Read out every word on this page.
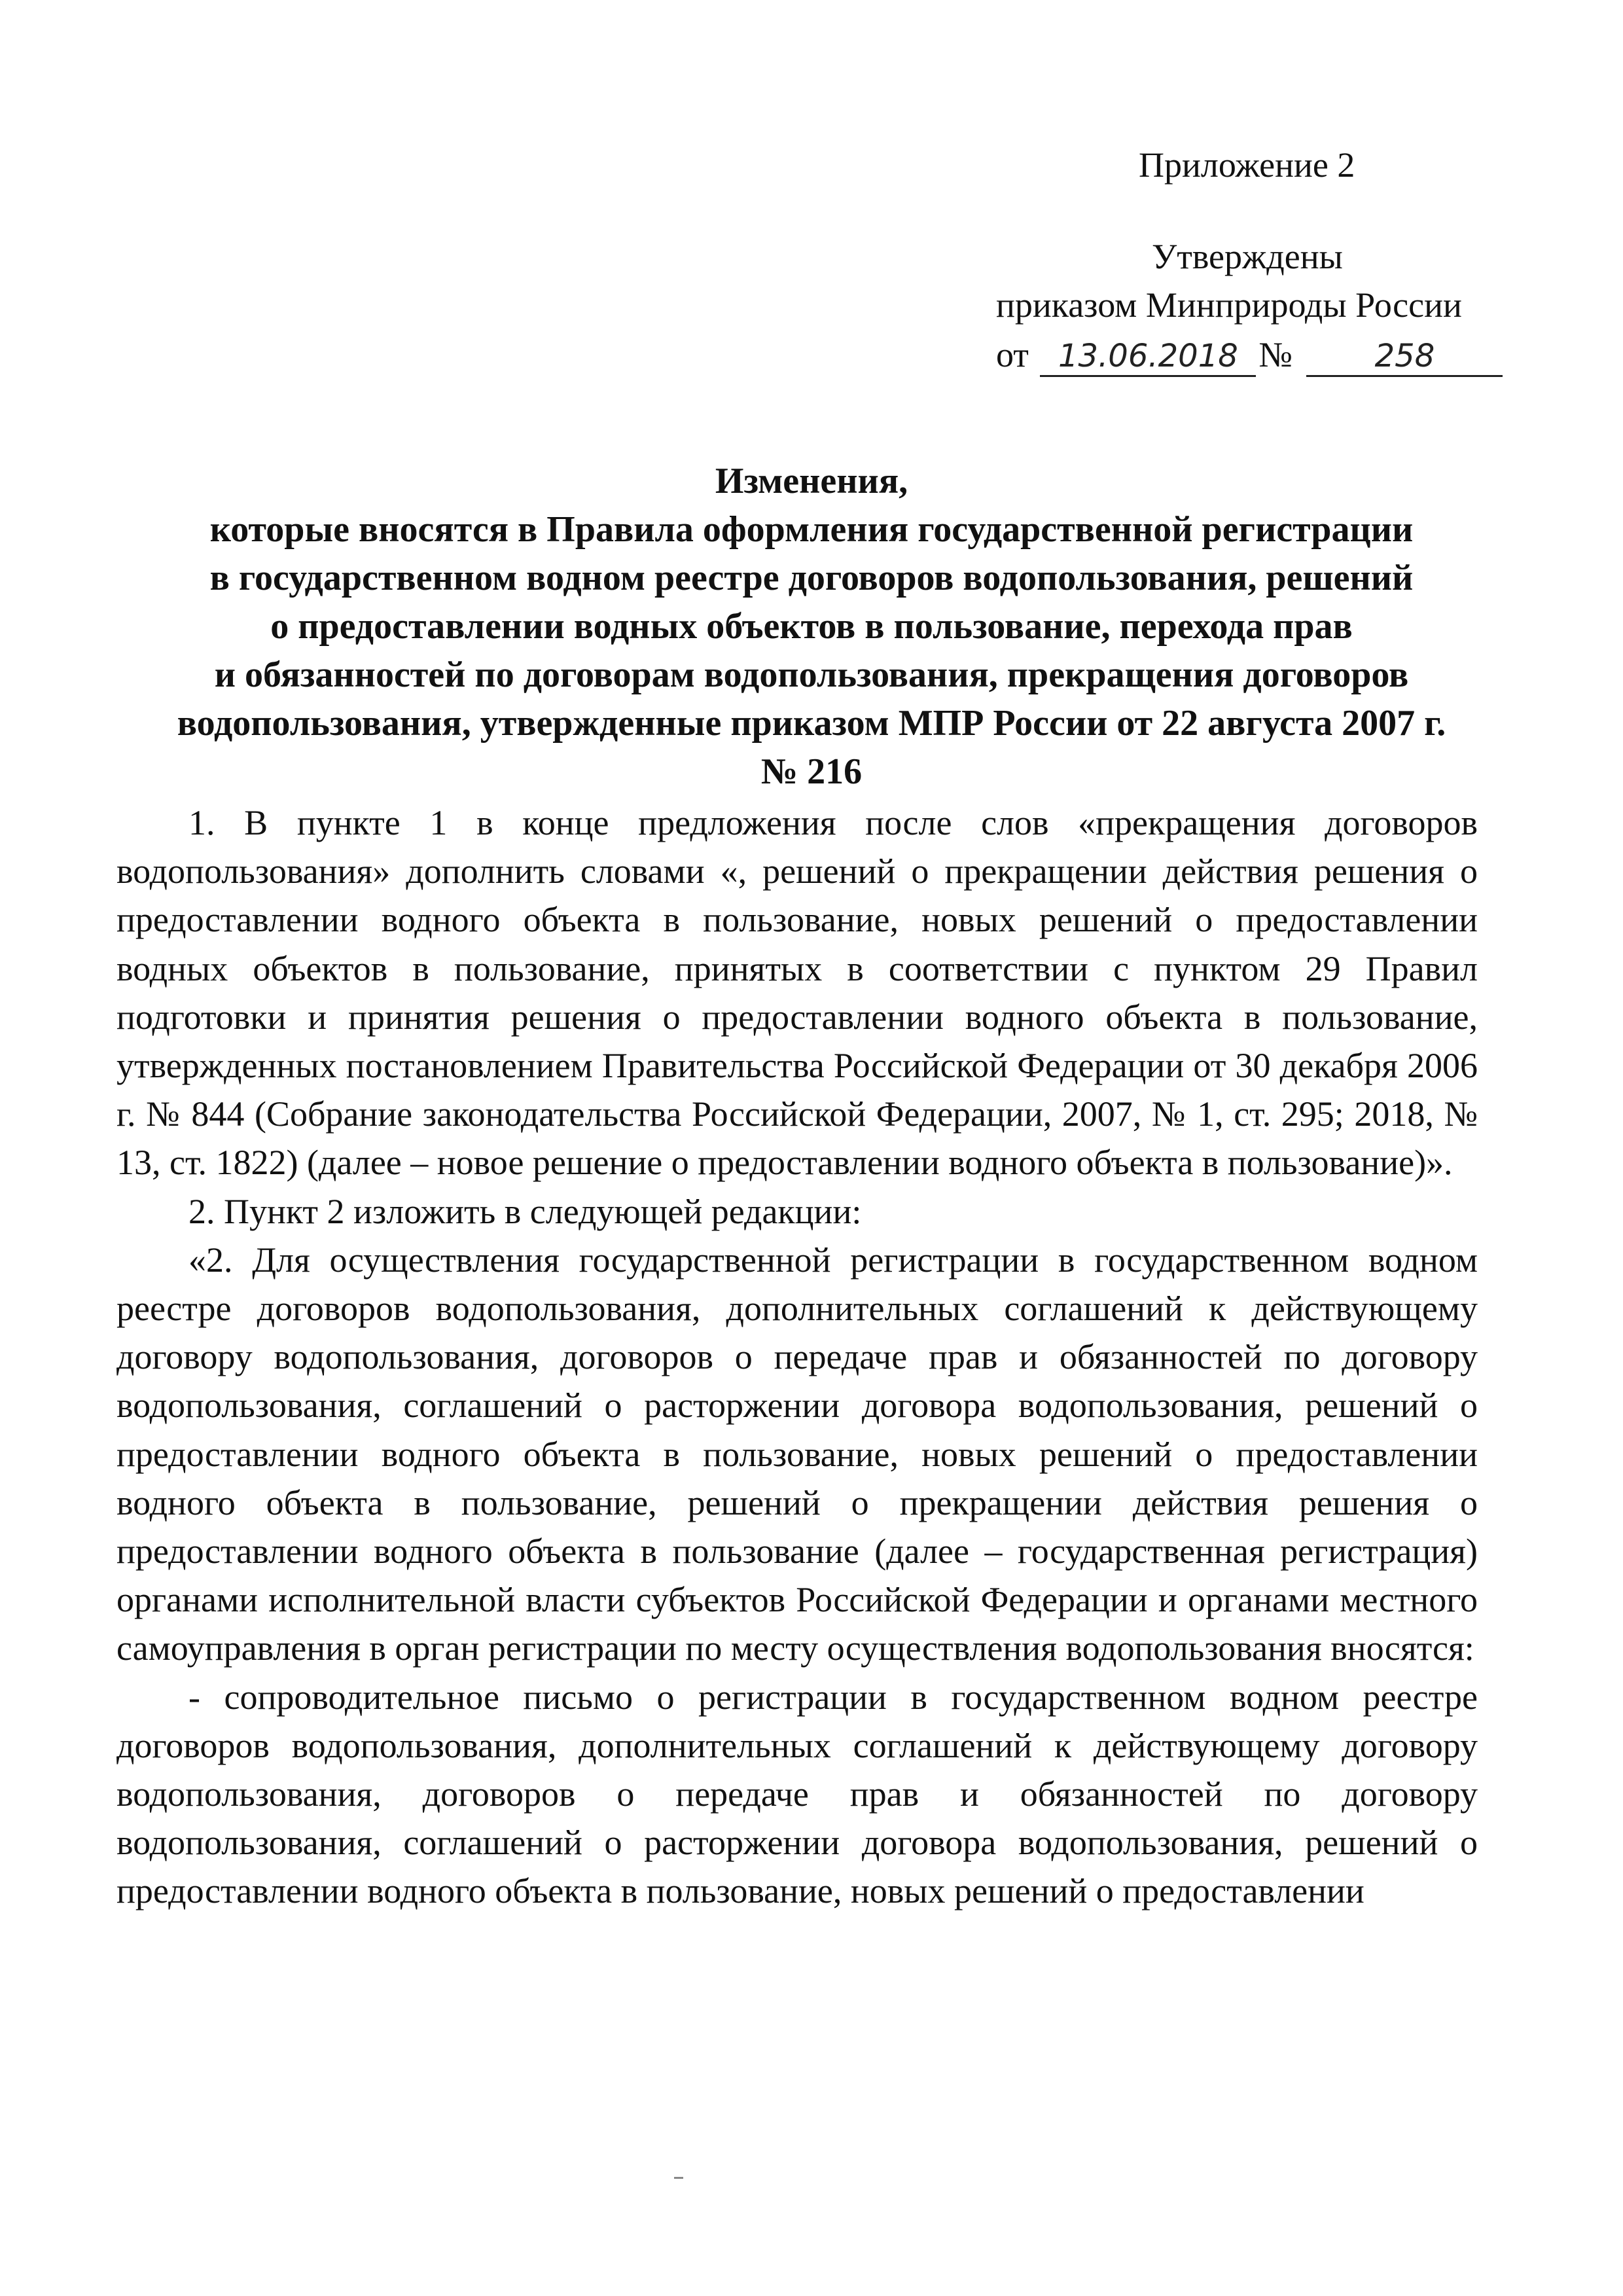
Приложение 2
Утверждены
приказом Минприроды России
от 13.06.2018 №	258
Изменения,
которые вносятся в Правила оформления государственной регистрации
в государственном водном реестре договоров водопользования, решений
о предоставлении водных объектов в пользование, перехода прав
и обязанностей по договорам водопользования, прекращения договоров
водопользования, утвержденные приказом МПР России от 22 августа 2007 г.
№ 216

1. В пункте 1 в конце предложения после слов «прекращения договоров водопользования» дополнить словами «, решений о прекращении действия решения о предоставлении водного объекта в пользование, новых решений о предоставлении водных объектов в пользование, принятых в соответствии с пунктом 29 Правил подготовки и принятия решения о предоставлении водного объекта в пользование, утвержденных постановлением Правительства Российской Федерации от 30 декабря 2006 г. № 844 (Собрание законодательства Российской Федерации, 2007, № 1, ст. 295; 2018, № 13, ст. 1822) (далее – новое решение о предоставлении водного объекта в пользование)».

2. Пункт 2 изложить в следующей редакции:

«2. Для осуществления государственной регистрации в государственном водном реестре договоров водопользования, дополнительных соглашений к действующему договору водопользования, договоров о передаче прав и обязанностей по договору водопользования, соглашений о расторжении договора водопользования, решений о предоставлении водного объекта в пользование, новых решений о предоставлении водного объекта в пользование, решений о прекращении действия решения о предоставлении водного объекта в пользование (далее – государственная регистрация) органами исполнительной власти субъектов Российской Федерации и органами местного самоуправления в орган регистрации по месту осуществления водопользования вносятся:

- сопроводительное письмо о регистрации в государственном водном реестре договоров водопользования, дополнительных соглашений к действующему договору водопользования, договоров о передаче прав и обязанностей по договору водопользования, соглашений о расторжении договора водопользования, решений о предоставлении водного объекта в пользование, новых решений о предоставлении
